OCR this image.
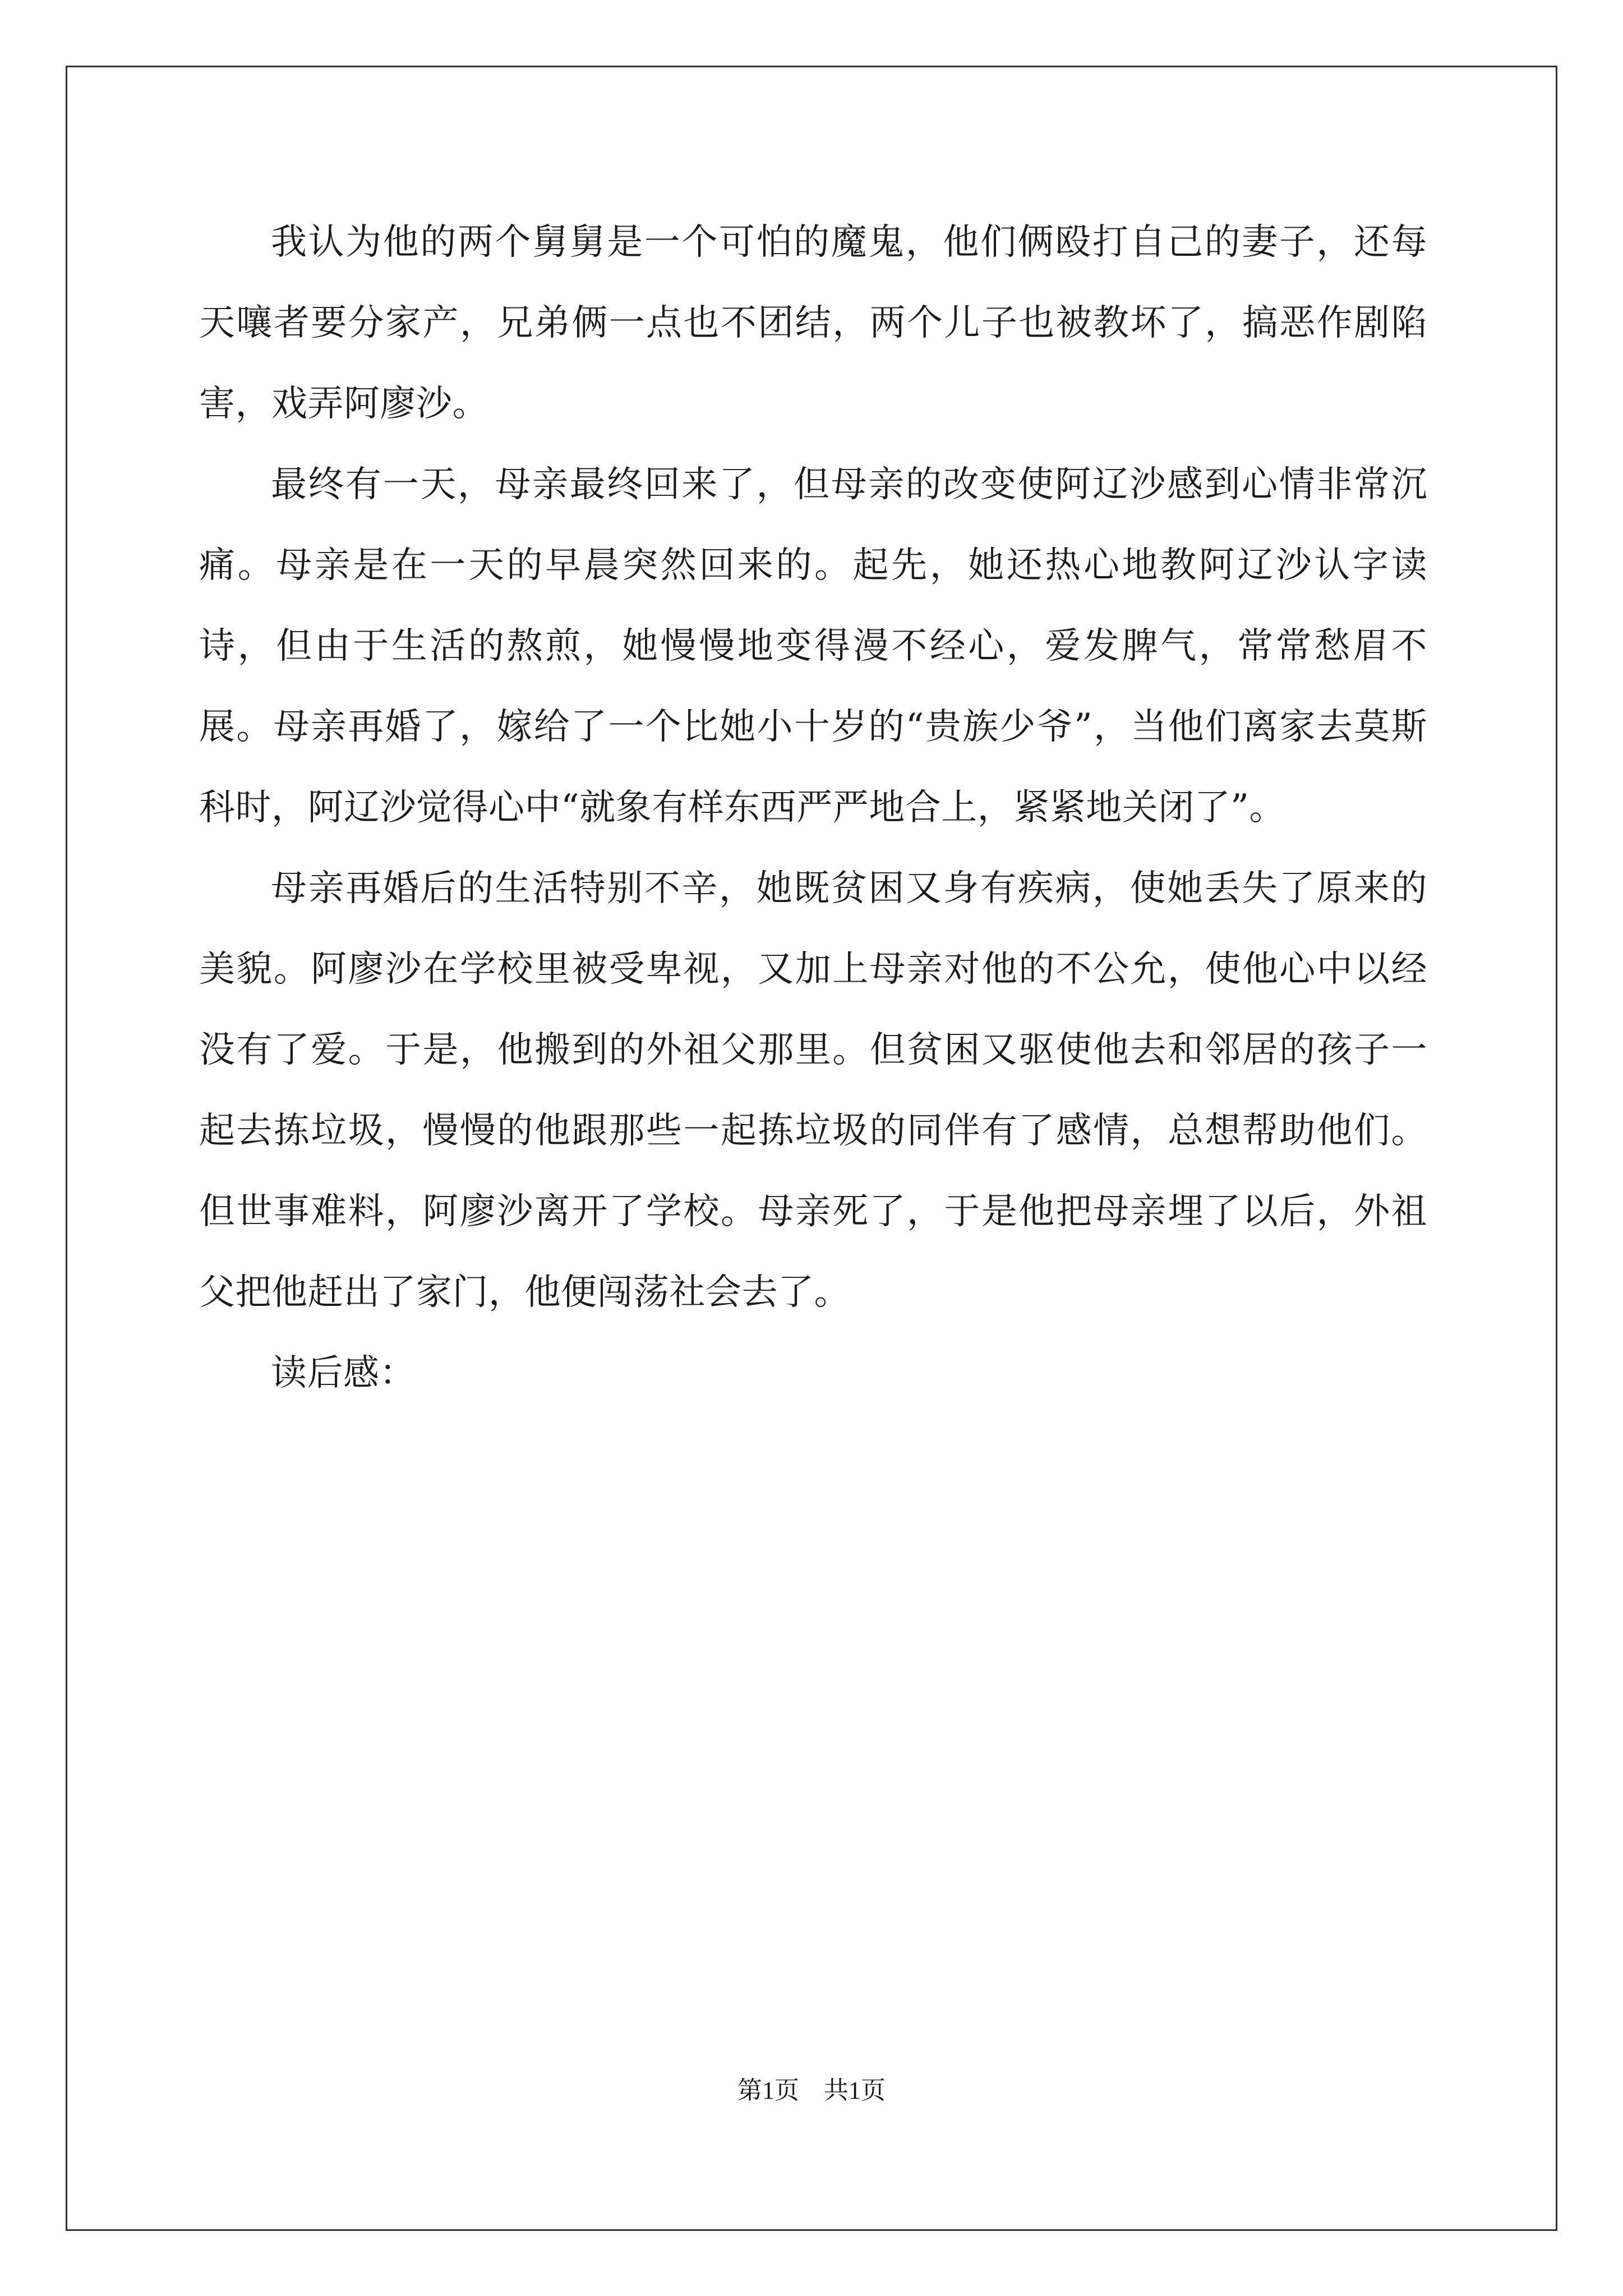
我认为他的两个舅舅是一个可怕的魔鬼，他们俩殴打自己的妻子，还每天嚷者要分家产，兄弟俩一点也不团结，两个儿子也被教坏了，搞恶作剧陷害，戏弄阿廖沙。

最终有一天，母亲最终回来了，但母亲的改变使阿辽沙感到心情非常沉痛。母亲是在一天的早晨突然回来的。起先，她还热心地教阿辽沙认字读诗，但由于生活的熬煎，她慢慢地变得漫不经心，爱发脾气，常常愁眉不展。母亲再婚了，嫁给了一个比她小十岁的“贵族少爷”，当他们离家去莫斯科时，阿辽沙觉得心中“就象有样东西严严地合上，紧紧地关闭了”。

母亲再婚后的生活特别不辛，她既贫困又身有疾病，使她丢失了原来的美貌。阿廖沙在学校里被受卑视，又加上母亲对他的不公允，使他心中以经没有了爱。于是，他搬到的外祖父那里。但贫困又驱使他去和邻居的孩子一起去拣垃圾，慢慢的他跟那些一起拣垃圾的同伴有了感情，总想帮助他们。但世事难料，阿廖沙离开了学校。母亲死了，于是他把母亲埋了以后，外祖父把他赶出了家门，他便闯荡社会去了。

读后感：

第1页 共1页
